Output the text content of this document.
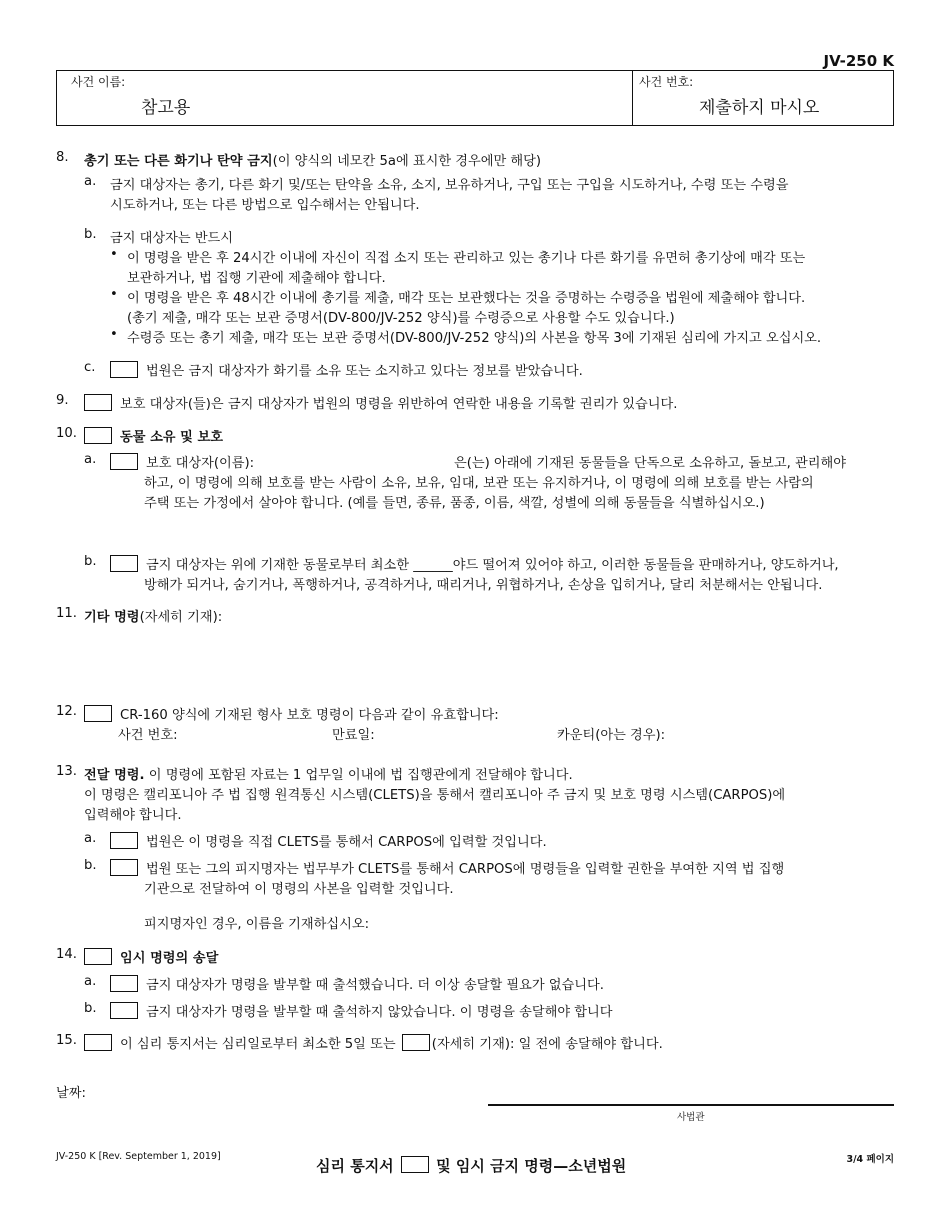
JV-250 K
사건 이름:
참고용
사건 번호:
제출하지 마시오
8. 총기 또는 다른 화기나 탄약 금지(이 양식의 네모칸 5a에 표시한 경우에만 해당)
a. 금지 대상자는 총기, 다른 화기 및/또는 탄약을 소유, 소지, 보유하거나, 구입 또는 구입을 시도하거나, 수령 또는 수령을
시도하거나, 또는 다른 방법으로 입수해서는 안됩니다.
b. 금지 대상자는 반드시
• 이 명령을 받은 후 24시간 이내에 자신이 직접 소지 또는 관리하고 있는 총기나 다른 화기를 유면허 총기상에 매각 또는
보관하거나, 법 집행 기관에 제출해야 합니다.
• 이 명령을 받은 후 48시간 이내에 총기를 제출, 매각 또는 보관했다는 것을 증명하는 수령증을 법원에 제출해야 합니다.
(총기 제출, 매각 또는 보관 증명서(DV-800/JV-252 양식)를 수령증으로 사용할 수도 있습니다.)
• 수령증 또는 총기 제출, 매각 또는 보관 증명서(DV-800/JV-252 양식)의 사본을 항목 3에 기재된 심리에 가지고 오십시오.
c.	법원은 금지 대상자가 화기를 소유 또는 소지하고 있다는 정보를 받았습니다.
9.	보호 대상자(들)은 금지 대상자가 법원의 명령을 위반하여 연락한 내용을 기록할 권리가 있습니다.
10.	동물 소유 및 보호
a.	보호 대상자(이름):	은(는) 아래에 기재된 동물들을 단독으로 소유하고, 돌보고, 관리해야
하고, 이 명령에 의해 보호를 받는 사람이 소유, 보유, 임대, 보관 또는 유지하거나, 이 명령에 의해 보호를 받는 사람의
주택 또는 가정에서 살아야 합니다. (예를 들면, 종류, 품종, 이름, 색깔, 성별에 의해 동물들을 식별하십시오.)
b.	금지 대상자는 위에 기재한 동물로부터 최소한 ______야드 떨어져 있어야 하고, 이러한 동물들을 판매하거나, 양도하거나,
방해가 되거나, 숨기거나, 폭행하거나, 공격하거나, 때리거나, 위협하거나, 손상을 입히거나, 달리 처분해서는 안됩니다.
11. 기타 명령(자세히 기재):
12.	CR-160 양식에 기재된 형사 보호 명령이 다음과 같이 유효합니다:
사건 번호:	만료일:	카운티(아는 경우):
13. 전달 명령. 이 명령에 포함된 자료는 1 업무일 이내에 법 집행관에게 전달해야 합니다.
이 명령은 캘리포니아 주 법 집행 원격통신 시스템(CLETS)을 통해서 캘리포니아 주 금지 및 보호 명령 시스템(CARPOS)에
입력해야 합니다.
a.	법원은 이 명령을 직접 CLETS를 통해서 CARPOS에 입력할 것입니다.
b.	법원 또는 그의 피지명자는 법무부가 CLETS를 통해서 CARPOS에 명령들을 입력할 권한을 부여한 지역 법 집행
기관으로 전달하여 이 명령의 사본을 입력할 것입니다.
피지명자인 경우, 이름을 기재하십시오:
14.	임시 명령의 송달
a.	금지 대상자가 명령을 발부할 때 출석했습니다. 더 이상 송달할 필요가 없습니다.
b.	금지 대상자가 명령을 발부할 때 출석하지 않았습니다. 이 명령을 송달해야 합니다
15.	이 심리 통지서는 심리일로부터 최소한 5일 또는	(자세히 기재): 일 전에 송달해야 합니다.
날짜:
사법관
JV-250 K [Rev. September 1, 2019]
심리 통지서	및 임시 금지 명령—소년법원	3/4 페이지
